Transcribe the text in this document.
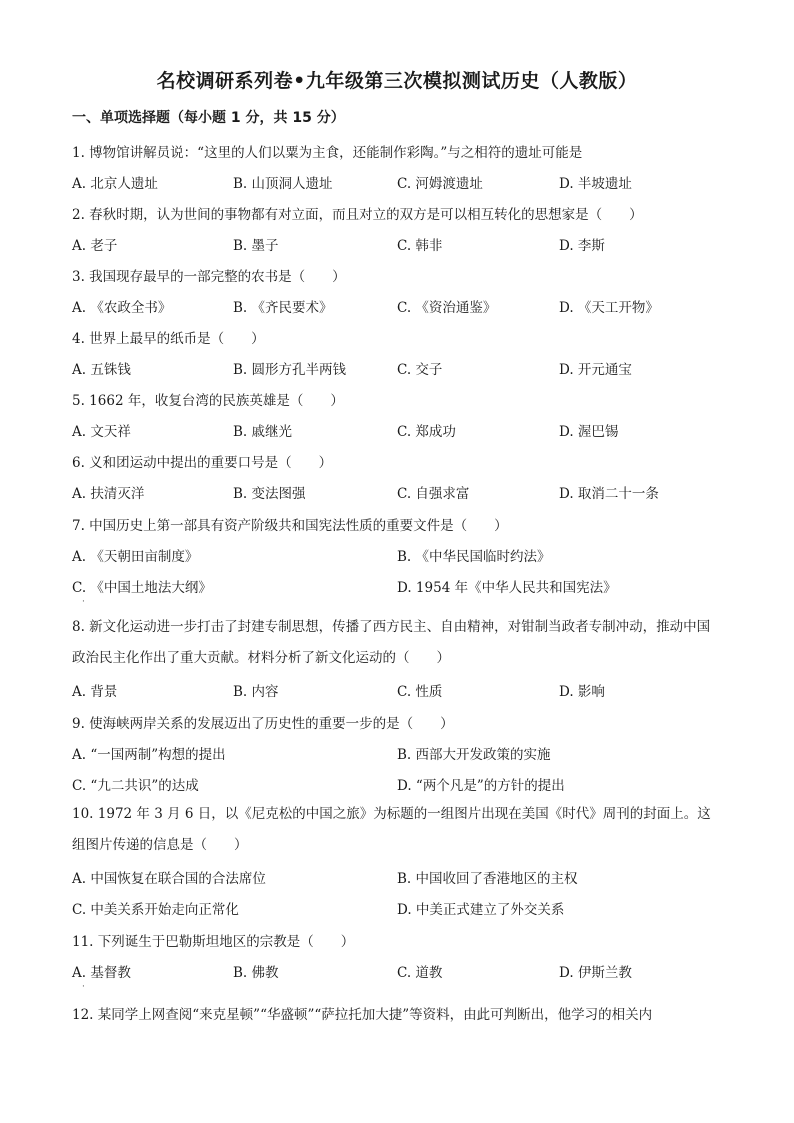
名校调研系列卷•九年级第三次模拟测试历史（人教版）
一、单项选择题（每小题 1 分，共 15 分）
1. 博物馆讲解员说：“这里的人们以粟为主食，还能制作彩陶。”与之相符的遗址可能是
A. 北京人遗址	B. 山顶洞人遗址	C. 河姆渡遗址	D. 半坡遗址
2. 春秋时期，认为世间的事物都有对立面，而且对立的双方是可以相互转化的思想家是（　　）
A. 老子	B. 墨子	C. 韩非	D. 李斯
3. 我国现存最早的一部完整的农书是（　　）
A. 《农政全书》	B. 《齐民要术》	C. 《资治通鉴》	D. 《天工开物》
4. 世界上最早的纸币是（　　）
A. 五铢钱	B. 圆形方孔半两钱	C. 交子	D. 开元通宝
5. 1662 年，收复台湾的民族英雄是（　　）
A. 文天祥	B. 戚继光	C. 郑成功	D. 渥巴锡
6. 义和团运动中提出的重要口号是（　　）
A. 扶清灭洋	B. 变法图强	C. 自强求富	D. 取消二十一条
7. 中国历史上第一部具有资产阶级共和国宪法性质的重要文件是（　　）
A. 《天朝田亩制度》	B. 《中华民国临时约法》
C. 《中国土地法大纲》	D. 1954 年《中华人民共和国宪法》
·
8. 新文化运动进一步打击了封建专制思想，传播了西方民主、自由精神，对钳制当政者专制冲动，推动中国政治民主化作出了重大贡献。材料分析了新文化运动的（　　）
A. 背景	B. 内容	C. 性质	D. 影响
9. 使海峡两岸关系的发展迈出了历史性的重要一步的是（　　）
A. “一国两制”构想的提出	B. 西部大开发政策的实施
C. “九二共识”的达成	D. “两个凡是”的方针的提出
10. 1972 年 3 月 6 日，以《尼克松的中国之旅》为标题的一组图片出现在美国《时代》周刊的封面上。这组图片传递的信息是（　　）
A. 中国恢复在联合国的合法席位	B. 中国收回了香港地区的主权
C. 中美关系开始走向正常化	D. 中美正式建立了外交关系
11. 下列诞生于巴勒斯坦地区的宗教是（　　）
A. 基督教	B. 佛教	C. 道教	D. 伊斯兰教
·
12. 某同学上网查阅“来克星顿”“华盛顿”“萨拉托加大捷”等资料，由此可判断出，他学习的相关内
